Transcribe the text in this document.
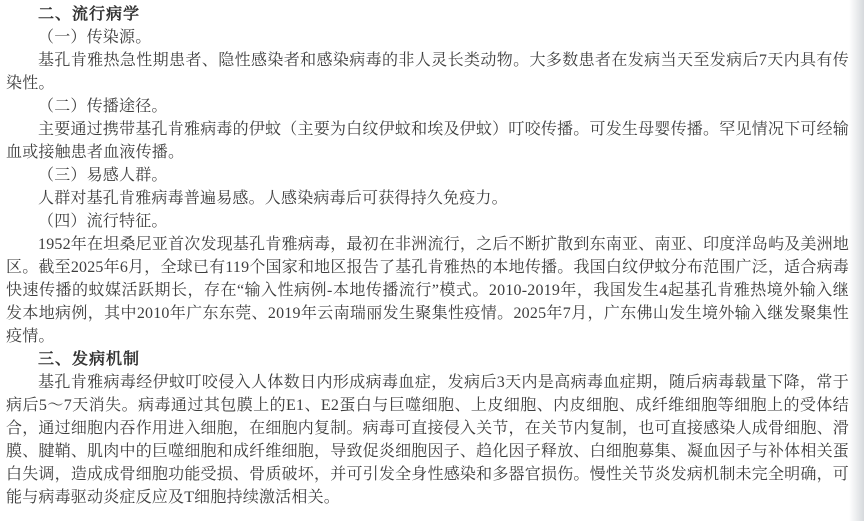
二、流行病学

（一）传染源。

基孔肯雅热急性期患者、隐性感染者和感染病毒的非人灵长类动物。大多数患者在发病当天至发病后7天内具有传染性。

（二）传播途径。

主要通过携带基孔肯雅病毒的伊蚊（主要为白纹伊蚊和埃及伊蚊）叮咬传播。可发生母婴传播。罕见情况下可经输血或接触患者血液传播。

（三）易感人群。

人群对基孔肯雅病毒普遍易感。人感染病毒后可获得持久免疫力。

（四）流行特征。

1952年在坦桑尼亚首次发现基孔肯雅病毒，最初在非洲流行，之后不断扩散到东南亚、南亚、印度洋岛屿及美洲地区。截至2025年6月，全球已有119个国家和地区报告了基孔肯雅热的本地传播。我国白纹伊蚊分布范围广泛，适合病毒快速传播的蚊媒活跃期长，存在“输入性病例-本地传播流行”模式。2010-2019年，我国发生4起基孔肯雅热境外输入继发本地病例，其中2010年广东东莞、2019年云南瑞丽发生聚集性疫情。2025年7月，广东佛山发生境外输入继发聚集性疫情。

三、发病机制

基孔肯雅病毒经伊蚊叮咬侵入人体数日内形成病毒血症，发病后3天内是高病毒血症期，随后病毒载量下降，常于病后5～7天消失。病毒通过其包膜上的E1、E2蛋白与巨噬细胞、上皮细胞、内皮细胞、成纤维细胞等细胞上的受体结合，通过细胞内吞作用进入细胞，在细胞内复制。病毒可直接侵入关节，在关节内复制，也可直接感染人成骨细胞、滑膜、腱鞘、肌肉中的巨噬细胞和成纤维细胞，导致促炎细胞因子、趋化因子释放、白细胞募集、凝血因子与补体相关蛋白失调，造成成骨细胞功能受损、骨质破坏，并可引发全身性感染和多器官损伤。慢性关节炎发病机制未完全明确，可能与病毒驱动炎症反应及T细胞持续激活相关。
